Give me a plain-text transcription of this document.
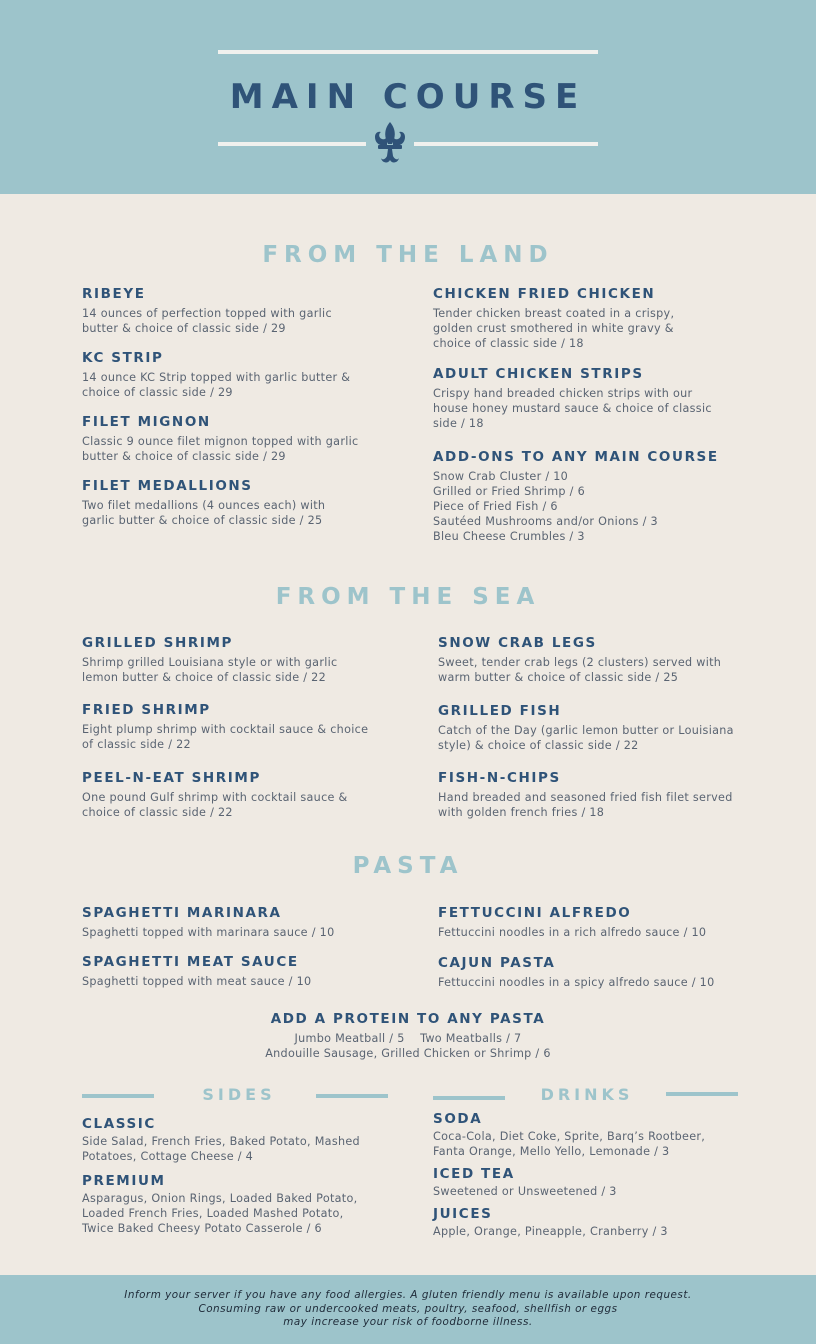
MAIN COURSE
FROM THE LAND
RIBEYE
14 ounces of perfection topped with garlic
butter & choice of classic side / 29
KC STRIP
14 ounce KC Strip topped with garlic butter &
choice of classic side / 29
FILET MIGNON
Classic 9 ounce filet mignon topped with garlic
butter & choice of classic side / 29
FILET MEDALLIONS
Two filet medallions (4 ounces each) with
garlic butter & choice of classic side / 25
CHICKEN FRIED CHICKEN
Tender chicken breast coated in a crispy,
golden crust smothered in white gravy &
choice of classic side / 18
ADULT CHICKEN STRIPS
Crispy hand breaded chicken strips with our
house honey mustard sauce & choice of classic
side / 18
ADD-ONS TO ANY MAIN COURSE
Snow Crab Cluster / 10
Grilled or Fried Shrimp / 6
Piece of Fried Fish / 6
Sautéed Mushrooms and/or Onions / 3
Bleu Cheese Crumbles / 3
FROM THE SEA
GRILLED SHRIMP
Shrimp grilled Louisiana style or with garlic
lemon butter & choice of classic side / 22
FRIED SHRIMP
Eight plump shrimp with cocktail sauce & choice
of classic side / 22
PEEL-N-EAT SHRIMP
One pound Gulf shrimp with cocktail sauce &
choice of classic side / 22
SNOW CRAB LEGS
Sweet, tender crab legs (2 clusters) served with
warm butter & choice of classic side / 25
GRILLED FISH
Catch of the Day (garlic lemon butter or Louisiana
style) & choice of classic side / 22
FISH-N-CHIPS
Hand breaded and seasoned fried fish filet served
with golden french fries / 18
PASTA
SPAGHETTI MARINARA
Spaghetti topped with marinara sauce / 10
SPAGHETTI MEAT SAUCE
Spaghetti topped with meat sauce / 10
FETTUCCINI ALFREDO
Fettuccini noodles in a rich alfredo sauce / 10
CAJUN PASTA
Fettuccini noodles in a spicy alfredo sauce / 10
ADD A PROTEIN TO ANY PASTA
Jumbo Meatball / 5    Two Meatballs / 7
Andouille Sausage, Grilled Chicken or Shrimp / 6
SIDES
CLASSIC
Side Salad, French Fries, Baked Potato, Mashed
Potatoes, Cottage Cheese / 4
PREMIUM
Asparagus, Onion Rings, Loaded Baked Potato,
Loaded French Fries, Loaded Mashed Potato,
Twice Baked Cheesy Potato Casserole / 6
DRINKS
SODA
Coca-Cola, Diet Coke, Sprite, Barq’s Rootbeer,
Fanta Orange, Mello Yello, Lemonade / 3
ICED TEA
Sweetened or Unsweetened / 3
JUICES
Apple, Orange, Pineapple, Cranberry / 3
Inform your server if you have any food allergies. A gluten friendly menu is available upon request.
Consuming raw or undercooked meats, poultry, seafood, shellfish or eggs
may increase your risk of foodborne illness.
